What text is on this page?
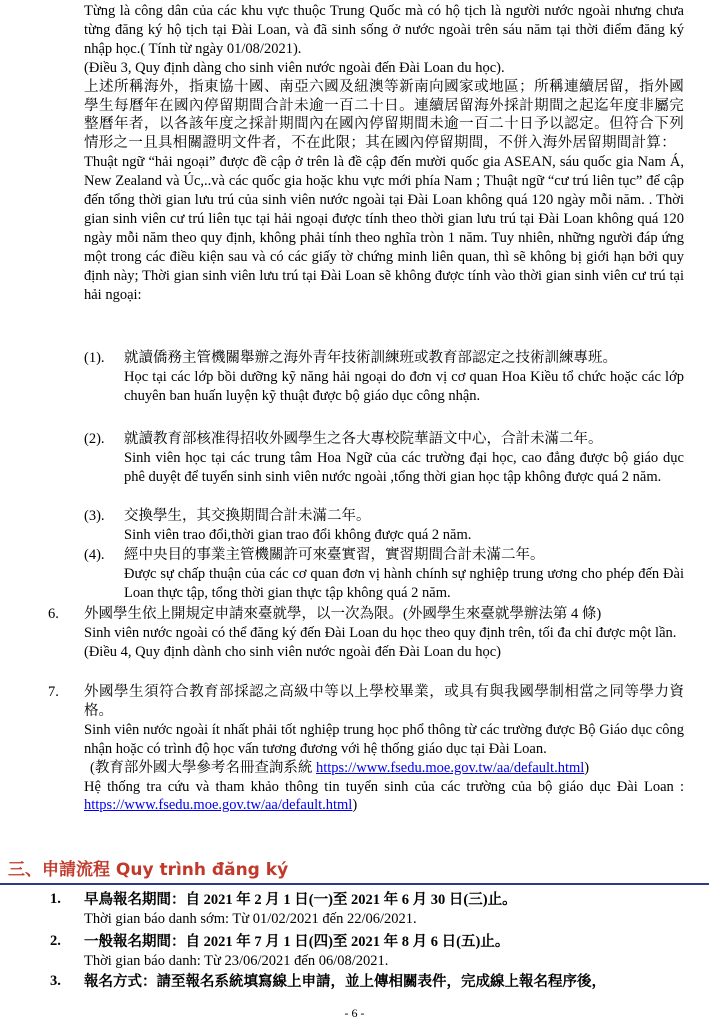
Từng là công dân của các khu vực thuộc Trung Quốc mà có hộ tịch là người nước ngoài nhưng chưa từng đăng ký hộ tịch tại Đài Loan, và đã sinh sống ở nước ngoài trên sáu năm tại thời điểm đăng ký nhập học.( Tính từ ngày 01/08/2021).

(Điều 3, Quy định dàng cho sinh viên nước ngoài đến Đài Loan du học).

上述所稱海外，指東協十國、南亞六國及紐澳等新南向國家或地區；所稱連續居留，指外國學生每曆年在國內停留期間合計未逾一百二十日。連續居留海外採計期間之起迄年度非屬完整曆年者，以各該年度之採計期間內在國內停留期間未逾一百二十日予以認定。但符合下列情形之一且具相關證明文件者，不在此限；其在國內停留期間，不併入海外居留期間計算：

Thuật ngữ “hải ngoại” được đề cập ở trên là đề cập đến mười quốc gia ASEAN, sáu quốc gia Nam Á, New Zealand và Úc,..và các quốc gia hoặc khu vực mới phía Nam ; Thuật ngữ “cư trú liên tục” để cập đến tổng thời gian lưu trú của sinh viên nước ngoài tại Đài Loan không quá 120 ngày mỗi năm. . Thời gian sinh viên cư trú liên tục tại hải ngoại được tính theo thời gian lưu trú tại Đài Loan không quá 120 ngày mỗi năm theo quy định, không phải tính theo nghĩa tròn 1 năm. Tuy nhiên, những người đáp ứng một trong các điều kiện sau và có các giấy tờ chứng minh liên quan, thì sẽ không bị giới hạn bởi quy định này; Thời gian sinh viên lưu trú tại Đài Loan sẽ không được tính vào thời gian sinh viên cư trú tại hải ngoại:

(1). 就讀僑務主管機關舉辦之海外青年技術訓練班或教育部認定之技術訓練專班。

Học tại các lớp bồi dưỡng kỹ năng hải ngoại do đơn vị cơ quan Hoa Kiều tổ chức hoặc các lớp chuyên ban huấn luyện kỹ thuật được bộ giáo dục công nhận.

(2). 就讀教育部核准得招收外國學生之各大專校院華語文中心，合計未滿二年。

Sinh viên học tại các trung tâm Hoa Ngữ của các trường đại học, cao đẳng được bộ giáo dục phê duyệt để tuyển sinh sinh viên nước ngoài ,tổng thời gian học tập không được quá 2 năm.

(3). 交換學生，其交換期間合計未滿二年。

Sinh viên trao đổi,thời gian trao đổi không được quá 2 năm.

(4). 經中央目的事業主管機關許可來臺實習，實習期間合計未滿二年。

Được sự chấp thuận của các cơ quan đơn vị hành chính sự nghiệp trung ương cho phép đến Đài Loan thực tập, tổng thời gian thực tập không quá 2 năm.

6. 外國學生依上開規定申請來臺就學，以一次為限。(外國學生來臺就學辦法第 4 條)

Sinh viên nước ngoài có thể đăng ký đến Đài Loan du học theo quy định trên, tối đa chỉ được một lần.

(Điều 4, Quy định dành cho sinh viên nước ngoài đến Đài Loan du học)

7. 外國學生須符合教育部採認之高級中等以上學校畢業，或具有與我國學制相當之同等學力資格。

Sinh viên nước ngoài ít nhất phải tốt nghiệp trung học phổ thông từ các trường được Bộ Giáo dục công nhận hoặc có trình độ học vấn tương đương với hệ thống giáo dục tại Đài Loan.

(教育部外國大學參考名冊查詢系統 https://www.fsedu.moe.gov.tw/aa/default.html)

Hệ thống tra cứu và tham khảo thông tin tuyển sinh của các trường của bộ giáo dục Đài Loan : https://www.fsedu.moe.gov.tw/aa/default.html)

三、申請流程 Quy trình đăng ký
1. 早鳥報名期間：自 2021 年 2 月 1 日(一)至 2021 年 6 月 30 日(三)止。

Thời gian báo danh sớm: Từ 01/02/2021 đến 22/06/2021.

2. 一般報名期間：自 2021 年 7 月 1 日(四)至 2021 年 8 月 6 日(五)止。

Thời gian báo danh: Từ 23/06/2021 đến 06/08/2021.

3. 報名方式：請至報名系統填寫線上申請，並上傳相關表件，完成線上報名程序後，

- 6 -
